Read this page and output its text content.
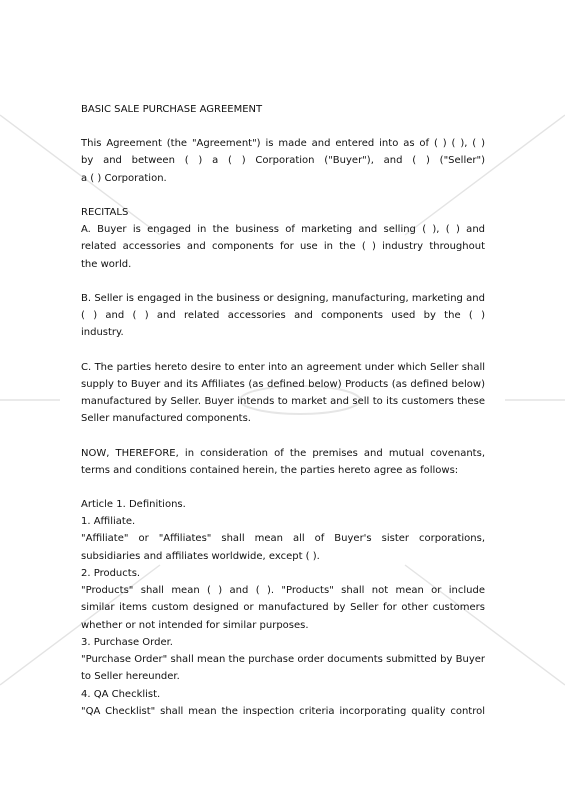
BASIC SALE PURCHASE AGREEMENT
This Agreement (the "Agreement") is made and entered into as of ( ) ( ), ( )
by and between ( ) a ( ) Corporation ("Buyer"), and ( ) ("Seller")
a ( ) Corporation.
RECITALS
A. Buyer is engaged in the business of marketing and selling ( ), ( ) and
related accessories and components for use in the ( ) industry throughout
the world.
B. Seller is engaged in the business or designing, manufacturing, marketing and
( ) and ( ) and related accessories and components used by the ( )
industry.
C. The parties hereto desire to enter into an agreement under which Seller shall
supply to Buyer and its Affiliates (as defined below) Products (as defined below)
manufactured by Seller. Buyer intends to market and sell to its customers these
Seller manufactured components.
NOW, THEREFORE, in consideration of the premises and mutual covenants,
terms and conditions contained herein, the parties hereto agree as follows:
Article 1. Definitions.
1. Affiliate.
"Affiliate" or "Affiliates" shall mean all of Buyer's sister corporations,
subsidiaries and affiliates worldwide, except ( ).
2. Products.
"Products" shall mean ( ) and ( ). "Products" shall not mean or include
similar items custom designed or manufactured by Seller for other customers
whether or not intended for similar purposes.
3. Purchase Order.
"Purchase Order" shall mean the purchase order documents submitted by Buyer
to Seller hereunder.
4. QA Checklist.
"QA Checklist" shall mean the inspection criteria incorporating quality control
